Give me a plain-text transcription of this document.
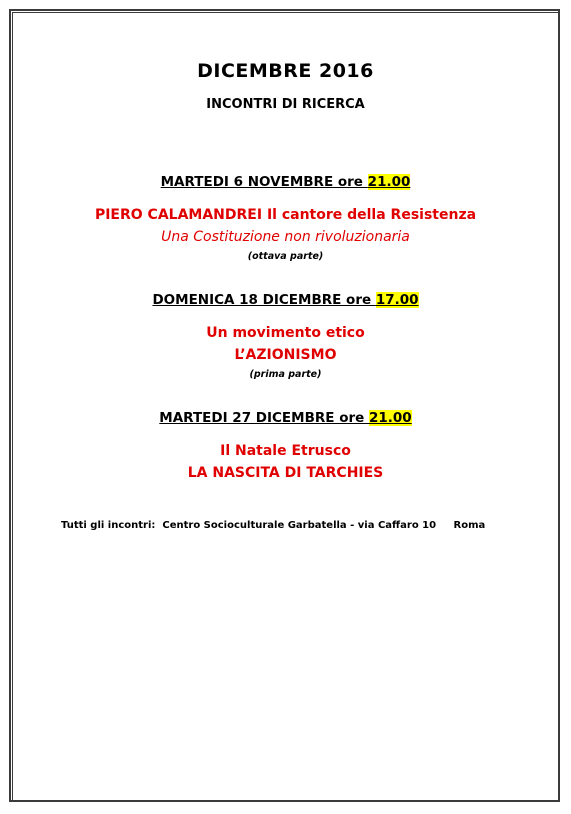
DICEMBRE 2016
INCONTRI DI RICERCA
MARTEDI 6 NOVEMBRE ore 21.00
PIERO CALAMANDREI Il cantore della Resistenza
Una Costituzione non rivoluzionaria
(ottava parte)
DOMENICA 18 DICEMBRE ore 17.00
Un movimento etico
L’AZIONISMO
(prima parte)
MARTEDI 27 DICEMBRE ore 21.00
Il Natale Etrusco
LA NASCITA DI TARCHIES
Tutti gli incontri:  Centro Socioculturale Garbatella - via Caffaro 10     Roma
